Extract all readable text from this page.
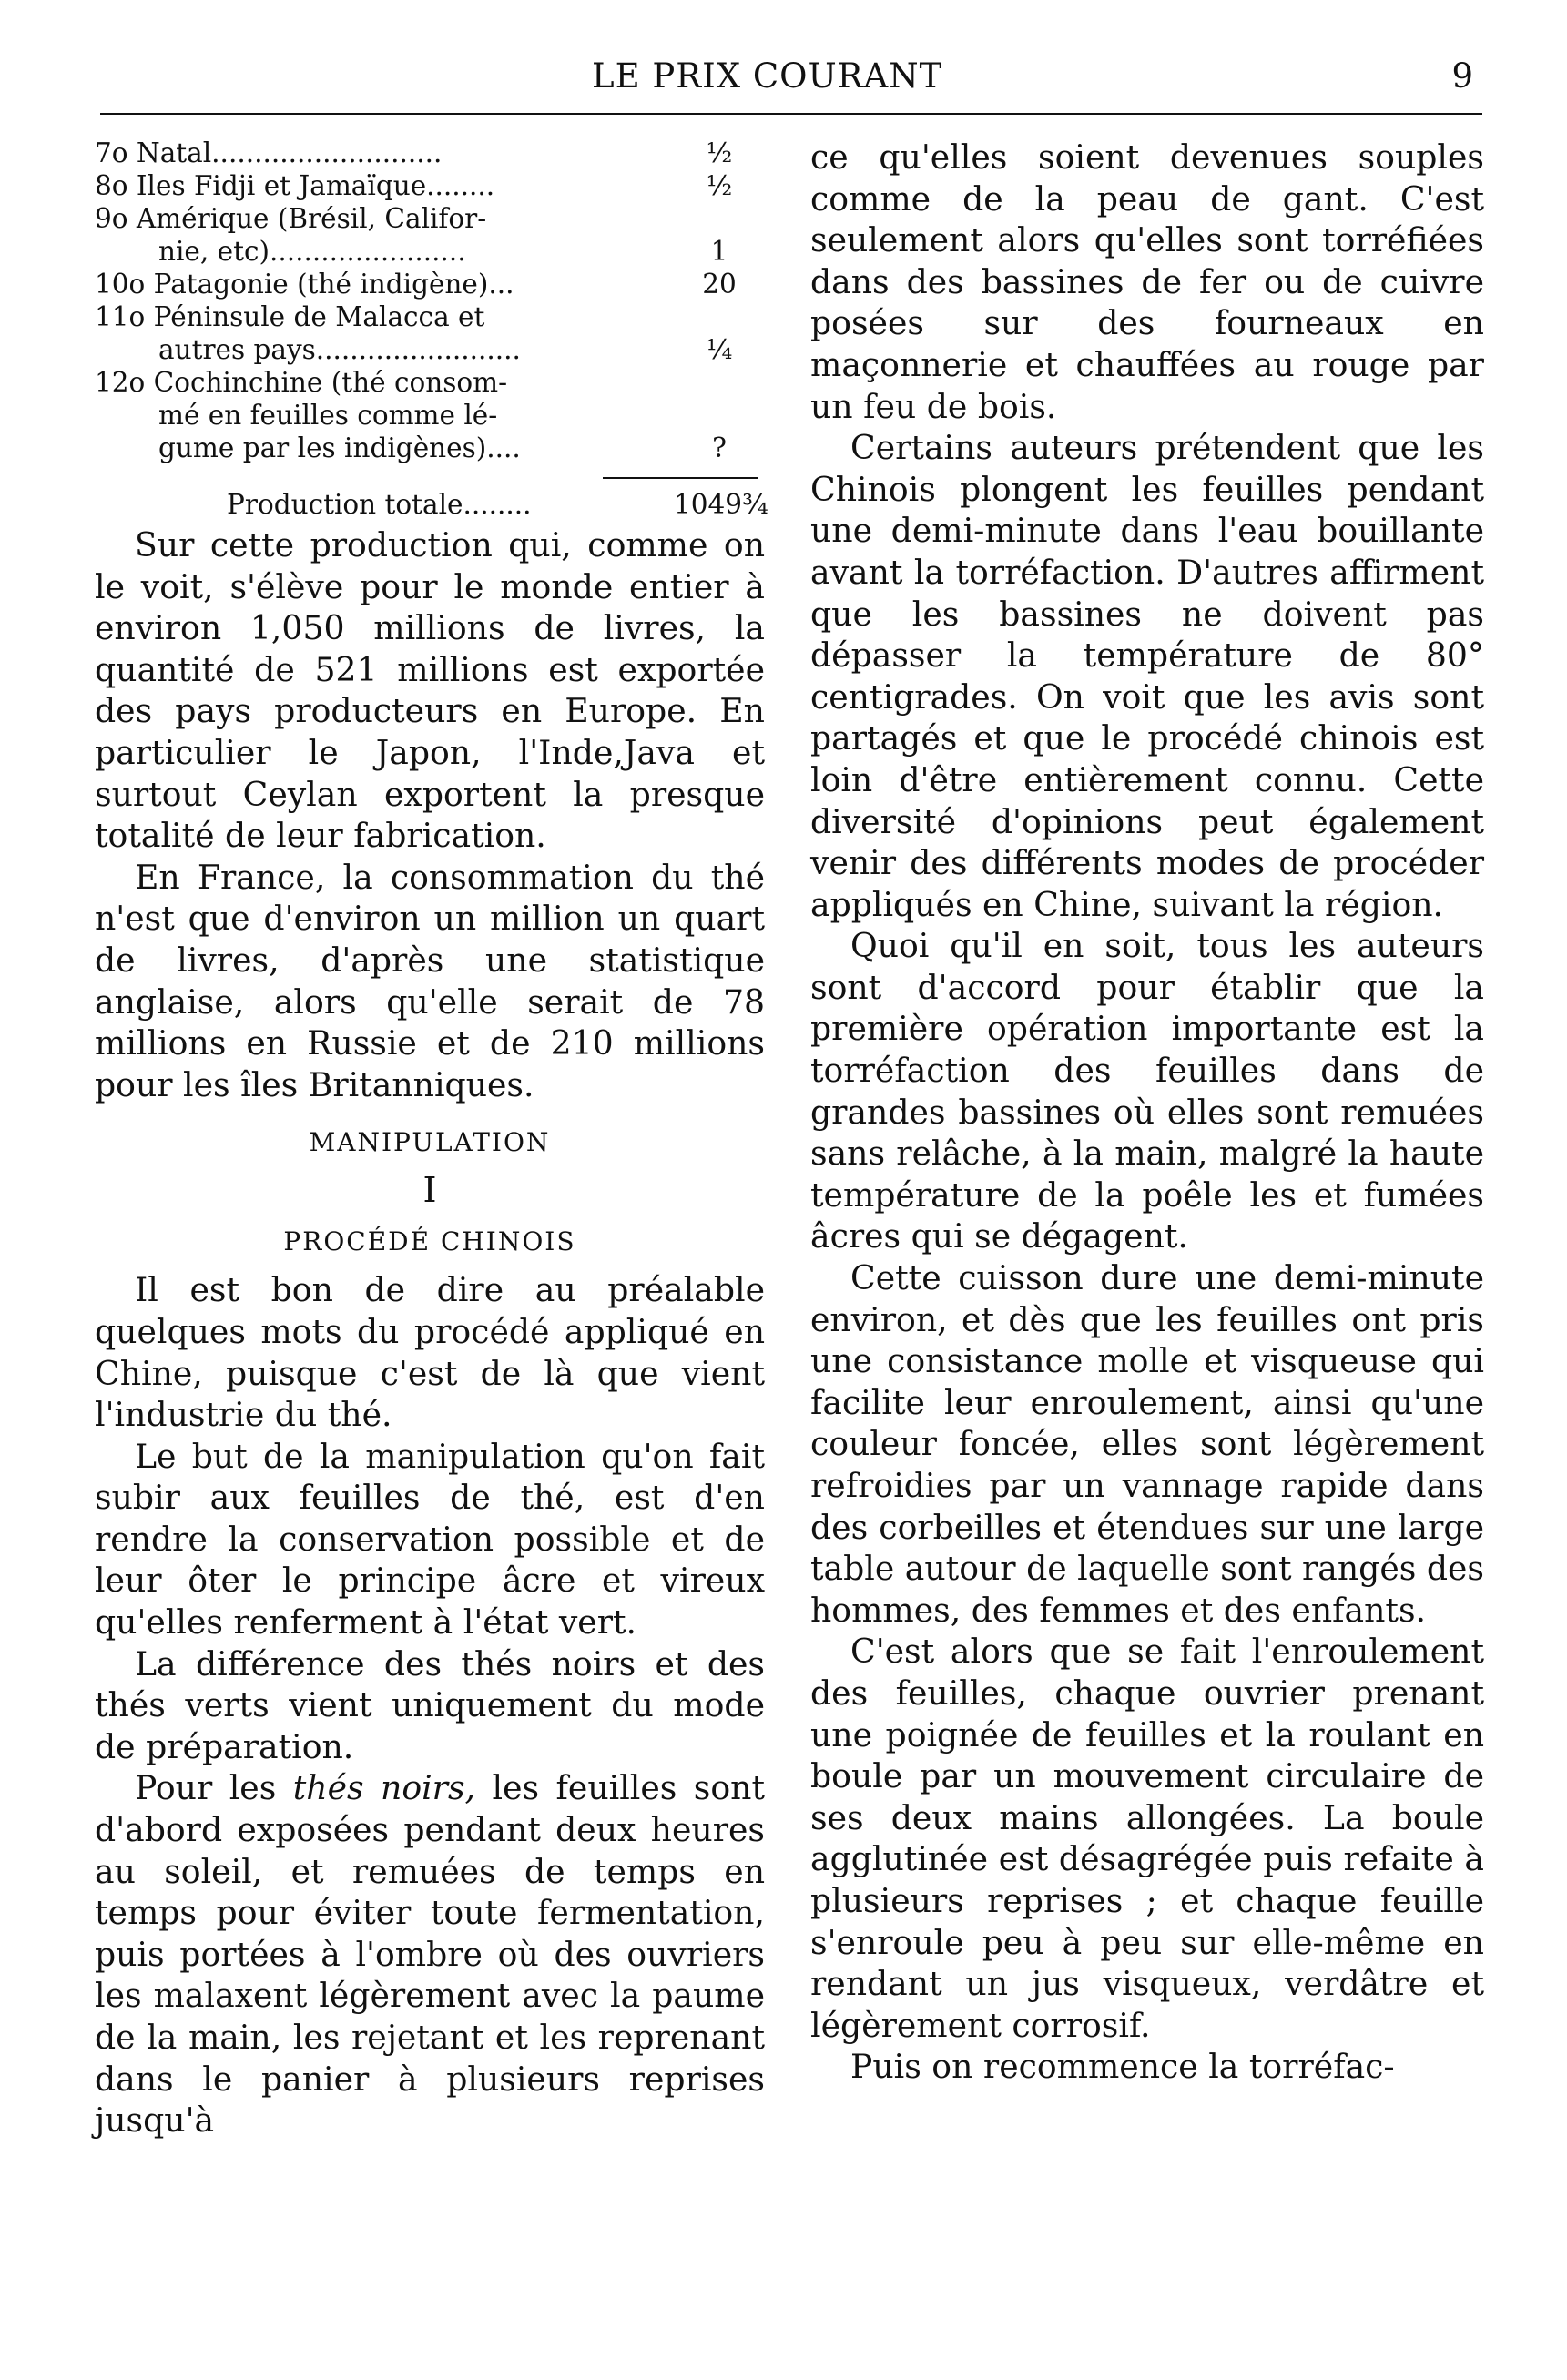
LE PRIX COURANT	9
7o Natal...........................	½
8o Iles Fidji et Jamaïque........	½
9o Amérique (Brésil, Califor-
nie, etc).......................	1
10o Patagonie (thé indigène)...	20
11o Péninsule de Malacca et
autres pays........................	¼
12o Cochinchine (thé consom-
mé en feuilles comme lé-
gume par les indigènes)....	?
Production totale........	1049¾

Sur cette production qui, comme on le voit, s'élève pour le monde entier à environ 1,050 millions de livres, la quantité de 521 millions est exportée des pays producteurs en Europe. En particulier le Japon, l'Inde,Java et surtout Ceylan exportent la presque totalité de leur fabrication.

En France, la consommation du thé n'est que d'environ un million un quart de livres, d'après une statistique anglaise, alors qu'elle serait de 78 millions en Russie et de 210 millions pour les îles Britanniques.

MANIPULATION
I
PROCÉDÉ CHINOIS

Il est bon de dire au préalable quelques mots du procédé appliqué en Chine, puisque c'est de là que vient l'industrie du thé.

Le but de la manipulation qu'on fait subir aux feuilles de thé, est d'en rendre la conservation possible et de leur ôter le principe âcre et vireux qu'elles renferment à l'état vert.

La différence des thés noirs et des thés verts vient uniquement du mode de préparation.

Pour les thés noirs, les feuilles sont d'abord exposées pendant deux heures au soleil, et remuées de temps en temps pour éviter toute fermentation, puis portées à l'ombre où des ouvriers les malaxent légèrement avec la paume de la main, les rejetant et les reprenant dans le panier à plusieurs reprises jusqu'à

ce qu'elles soient devenues souples comme de la peau de gant. C'est seulement alors qu'elles sont torréfiées dans des bassines de fer ou de cuivre posées sur des fourneaux en maçonnerie et chauffées au rouge par un feu de bois.

Certains auteurs prétendent que les Chinois plongent les feuilles pendant une demi-minute dans l'eau bouillante avant la torréfaction. D'autres affirment que les bassines ne doivent pas dépasser la température de 80° centigrades. On voit que les avis sont partagés et que le procédé chinois est loin d'être entièrement connu. Cette diversité d'opinions peut également venir des différents modes de procéder appliqués en Chine, suivant la région.

Quoi qu'il en soit, tous les auteurs sont d'accord pour établir que la première opération importante est la torréfaction des feuilles dans de grandes bassines où elles sont remuées sans relâche, à la main, malgré la haute température de la poêle les et fumées âcres qui se dégagent.

Cette cuisson dure une demi-minute environ, et dès que les feuilles ont pris une consistance molle et visqueuse qui facilite leur enroulement, ainsi qu'une couleur foncée, elles sont légèrement refroidies par un vannage rapide dans des corbeilles et étendues sur une large table autour de laquelle sont rangés des hommes, des femmes et des enfants.

C'est alors que se fait l'enroulement des feuilles, chaque ouvrier prenant une poignée de feuilles et la roulant en boule par un mouvement circulaire de ses deux mains allongées. La boule agglutinée est désagrégée puis refaite à plusieurs reprises ; et chaque feuille s'enroule peu à peu sur elle-même en rendant un jus visqueux, verdâtre et légèrement corrosif.

Puis on recommence la torréfac-
